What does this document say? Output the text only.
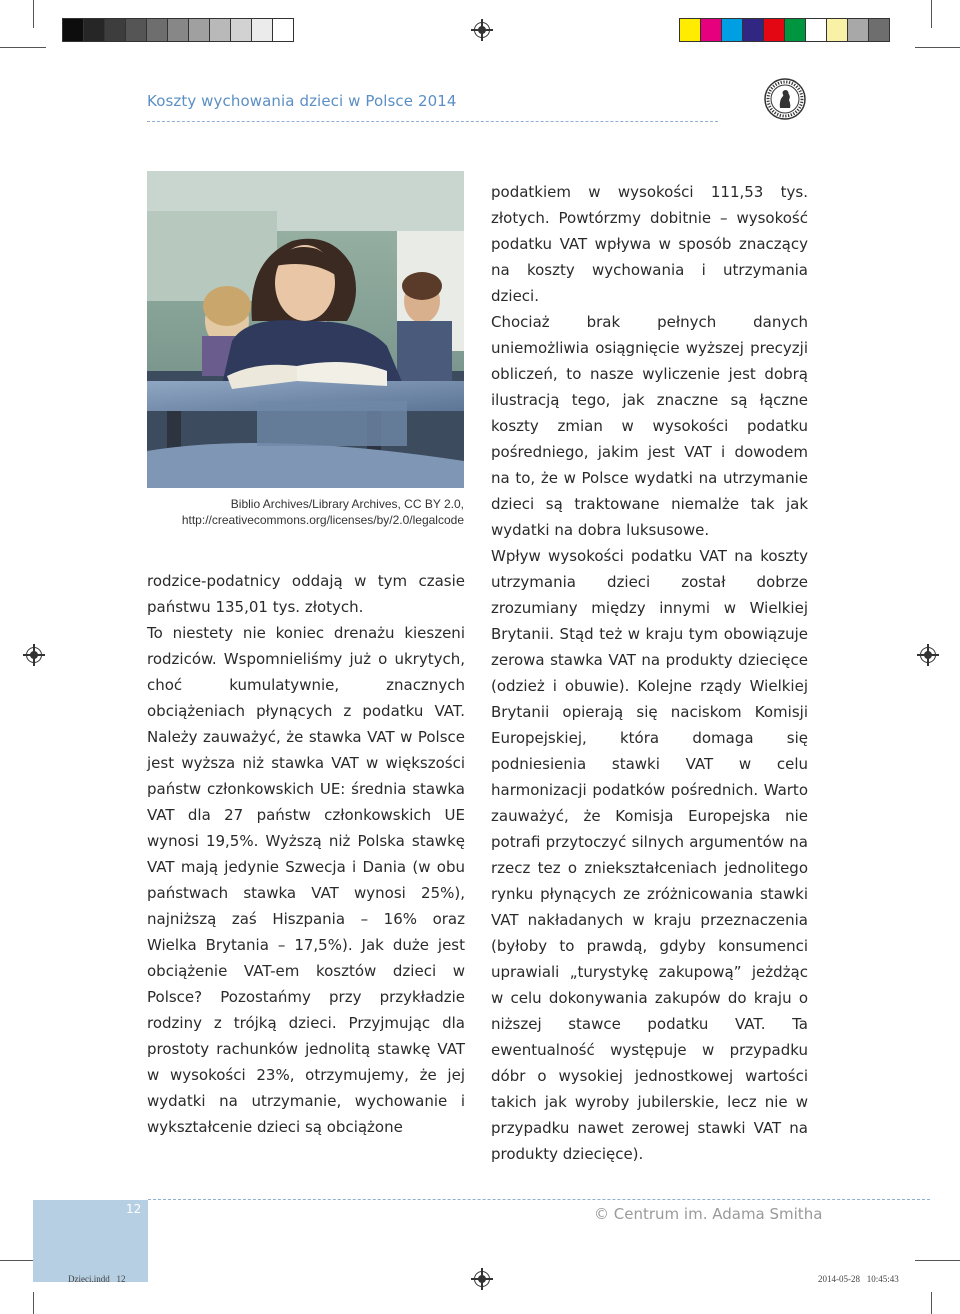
Koszty wychowania dzieci w Polsce 2014
Biblio Archives/Library Archives, CC BY 2.0,
http://creativecommons.org/licenses/by/2.0/legalcode

rodzice-podatnicy oddają w tym czasie państwu 135,01 tys. złotych.

To niestety nie koniec drenażu kieszeni rodziców. Wspomnieliśmy już o ukrytych, choć kumulatywnie, znacznych obciążeniach płynących z podatku VAT. Należy zauważyć, że stawka VAT w Polsce jest wyższa niż stawka VAT w większości państw członkowskich UE: średnia stawka VAT dla 27 państw członkowskich UE wynosi 19,5%. Wyższą niż Polska stawkę VAT mają jedynie Szwecja i Dania (w obu państwach stawka VAT wynosi 25%), najniższą zaś Hiszpania – 16% oraz Wielka Brytania – 17,5%). Jak duże jest obciążenie VAT-em kosztów dzieci w Polsce? Pozostańmy przy przykładzie rodziny z trójką dzieci. Przyjmując dla prostoty rachunków jednolitą stawkę VAT w wysokości 23%, otrzymujemy, że jej wydatki na utrzymanie, wychowanie i wykształcenie dzieci są obciążone

podatkiem w wysokości 111,53 tys. złotych. Powtórzmy dobitnie – wysokość podatku VAT wpływa w sposób znaczący na koszty wychowania i utrzymania dzieci.

Chociaż brak pełnych danych uniemożliwia osiągnięcie wyższej precyzji obliczeń, to nasze wyliczenie jest dobrą ilustracją tego, jak znaczne są łączne koszty zmian w wysokości podatku pośredniego, jakim jest VAT i dowodem na to, że w Polsce wydatki na utrzymanie dzieci są traktowane niemalże tak jak wydatki na dobra luksusowe.

Wpływ wysokości podatku VAT na koszty utrzymania dzieci został dobrze zrozumiany między innymi w Wielkiej Brytanii. Stąd też w kraju tym obowiązuje zerowa stawka VAT na produkty dziecięce (odzież i obuwie). Kolejne rządy Wielkiej Brytanii opierają się naciskom Komisji Europejskiej, która domaga się podniesienia stawki VAT w celu harmonizacji podatków pośrednich. Warto zauważyć, że Komisja Europejska nie potrafi przytoczyć silnych argumentów na rzecz tez o zniekształceniach jednolitego rynku płynących ze zróżnicowania stawki VAT nakładanych w kraju przeznaczenia (byłoby to prawdą, gdyby konsumenci uprawiali „turystykę zakupową” jeżdżąc w celu dokonywania zakupów do kraju o niższej stawce podatku VAT. Ta ewentualność występuje w przypadku dóbr o wysokiej jednostkowej wartości takich jak wyroby jubilerskie, lecz nie w przypadku nawet zerowej stawki VAT na produkty dziecięce).

12	© Centrum im. Adama Smitha
Dzieci.indd   12	2014-05-28   10:45:43
